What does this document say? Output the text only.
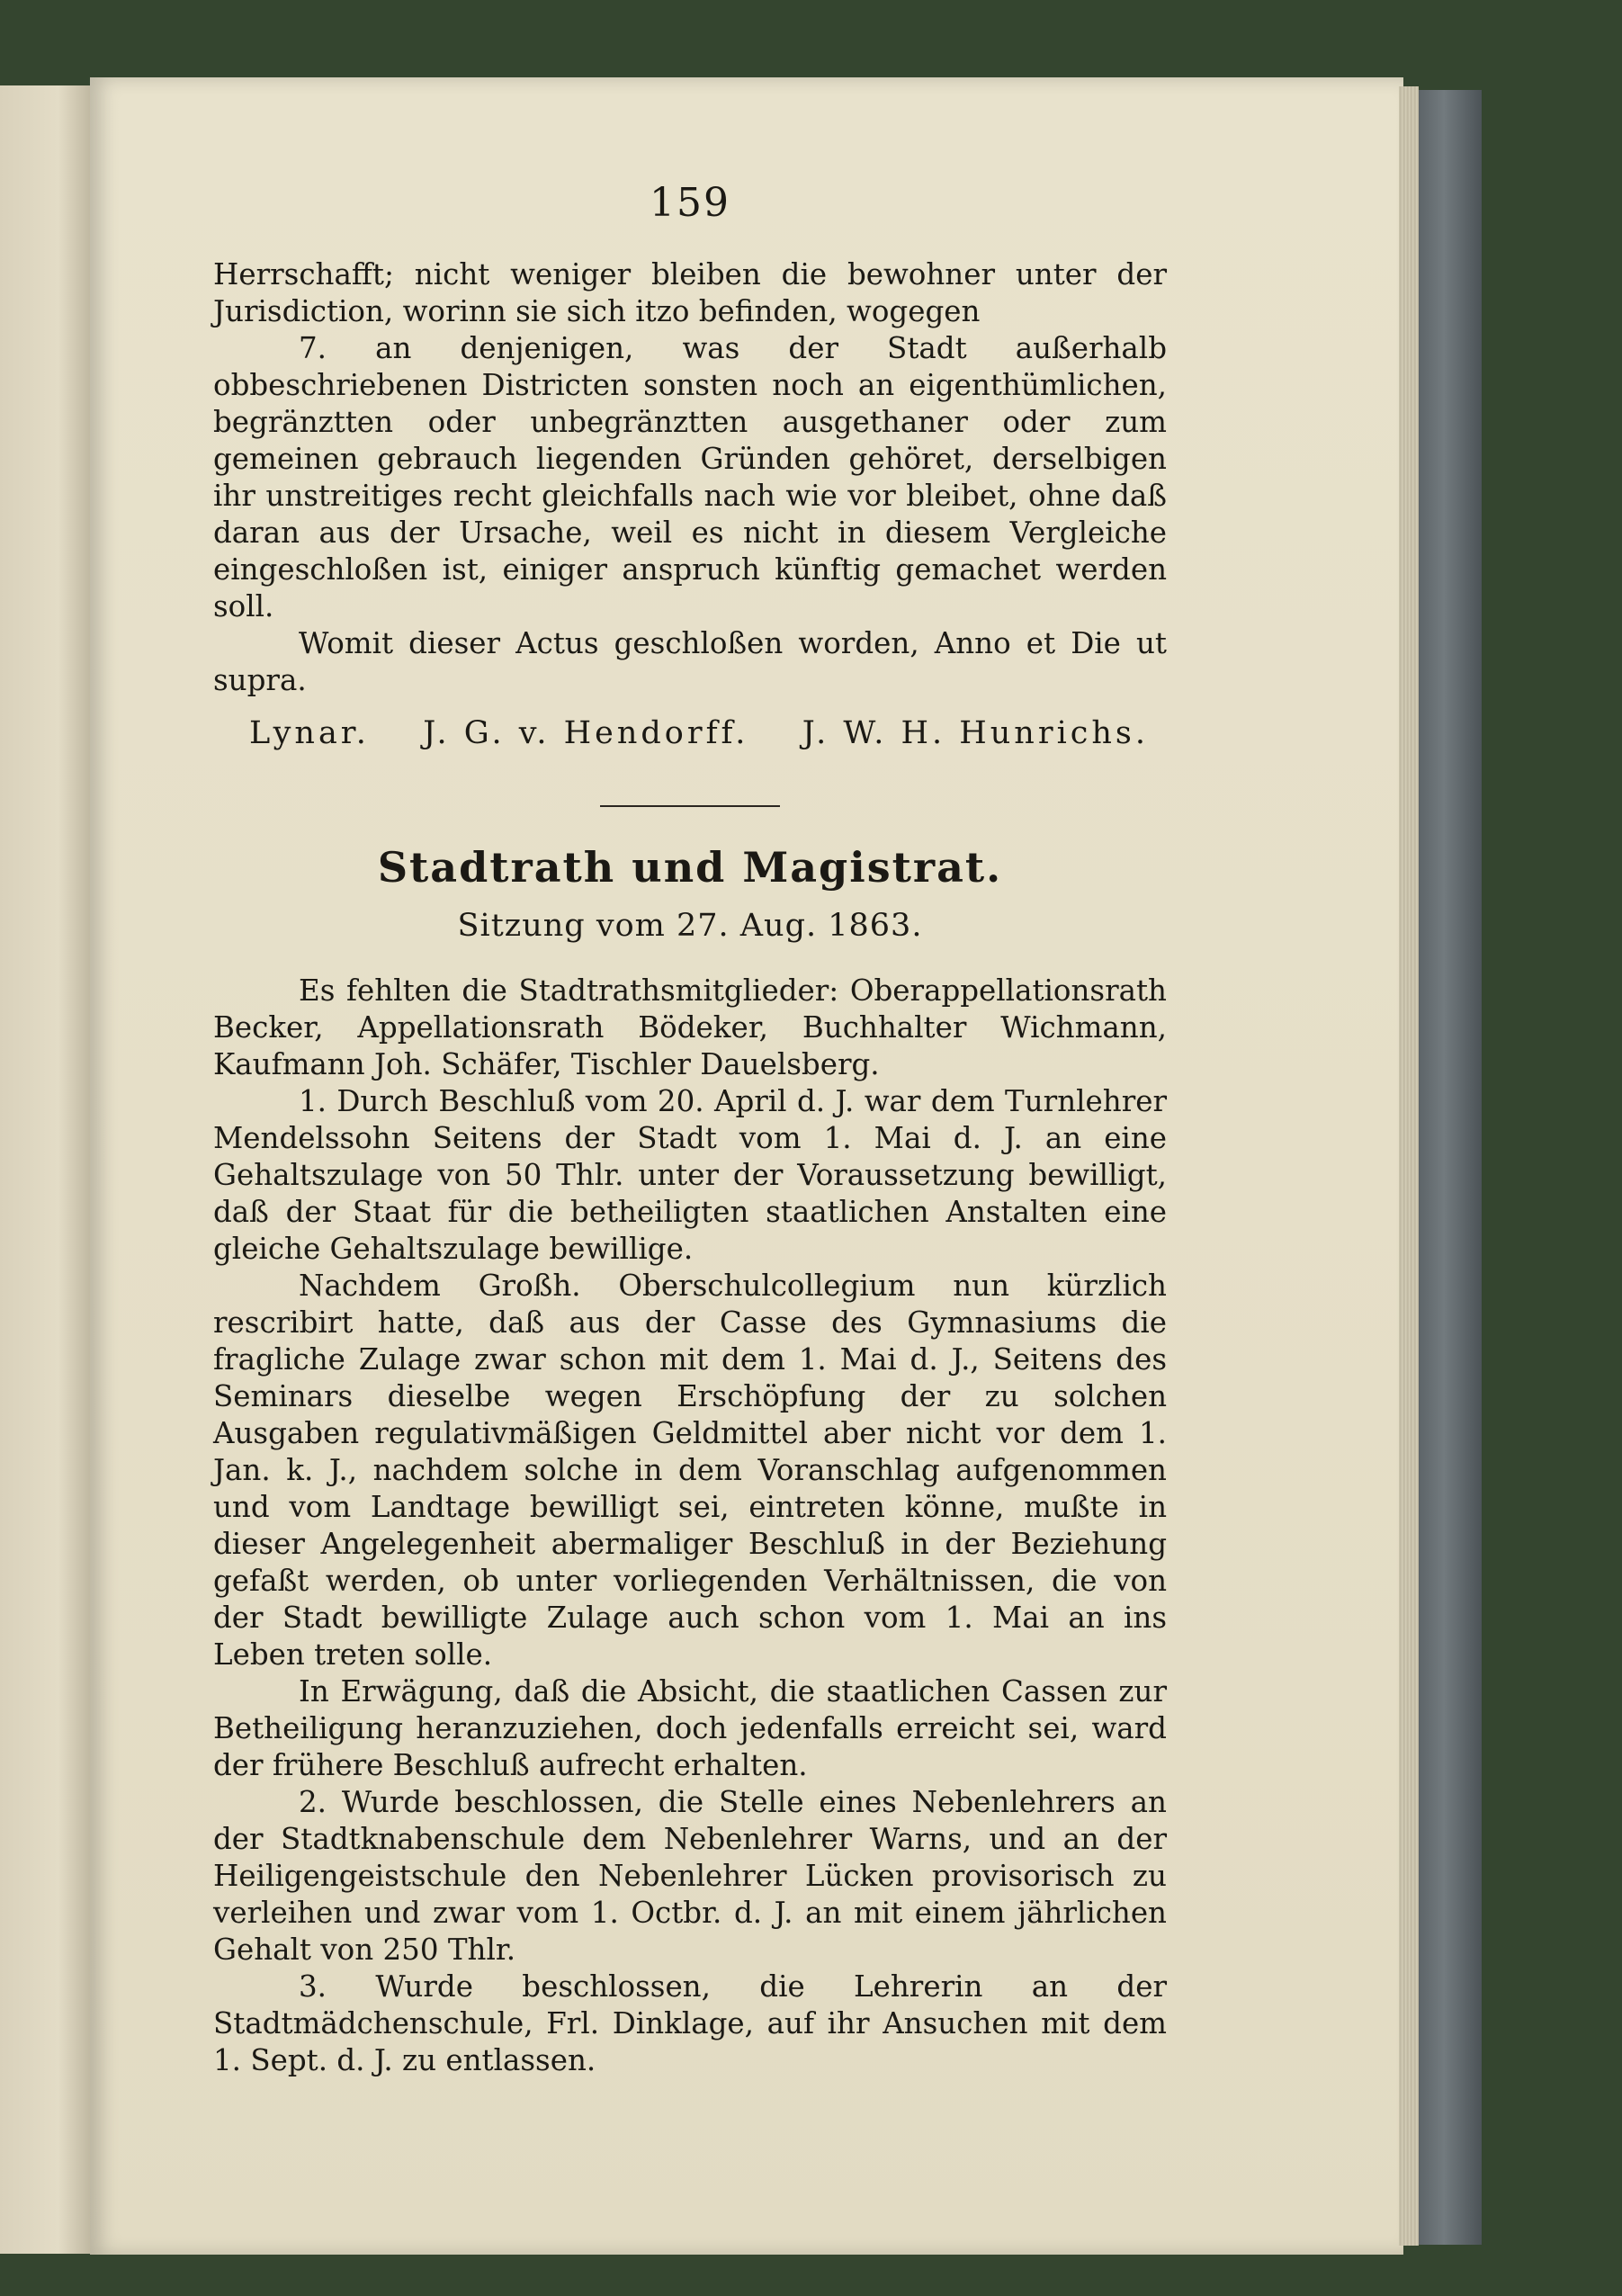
159

Herrschafft; nicht weniger bleiben die bewohner unter der Jurisdiction, worinn sie sich itzo befinden, wogegen

7. an denjenigen, was der Stadt außerhalb obbeschriebenen Districten sonsten noch an eigenthümlichen, begränztten oder unbegränztten ausgethaner oder zum gemeinen gebrauch liegenden Gründen gehöret, derselbigen ihr unstreitiges recht gleichfalls nach wie vor bleibet, ohne daß daran aus der Ursache, weil es nicht in diesem Vergleiche eingeschloßen ist, einiger anspruch künftig gemachet werden soll.

Womit dieser Actus geschloßen worden, Anno et Die ut supra.

Lynar. J. G. v. Hendorff. J. W. H. Hunrichs.
Stadtrath und Magistrat.
Sitzung vom 27. Aug. 1863.

Es fehlten die Stadtrathsmitglieder: Oberappellationsrath Becker, Appellationsrath Bödeker, Buchhalter Wichmann, Kaufmann Joh. Schäfer, Tischler Dauelsberg.

1. Durch Beschluß vom 20. April d. J. war dem Turnlehrer Mendelssohn Seitens der Stadt vom 1. Mai d. J. an eine Gehaltszulage von 50 Thlr. unter der Voraussetzung bewilligt, daß der Staat für die betheiligten staatlichen Anstalten eine gleiche Gehaltszulage bewillige.

Nachdem Großh. Oberschulcollegium nun kürzlich rescribirt hatte, daß aus der Casse des Gymnasiums die fragliche Zulage zwar schon mit dem 1. Mai d. J., Seitens des Seminars dieselbe wegen Erschöpfung der zu solchen Ausgaben regulativmäßigen Geldmittel aber nicht vor dem 1. Jan. k. J., nachdem solche in dem Voranschlag aufgenommen und vom Landtage bewilligt sei, eintreten könne, mußte in dieser Angelegenheit abermaliger Beschluß in der Beziehung gefaßt werden, ob unter vorliegenden Verhältnissen, die von der Stadt bewilligte Zulage auch schon vom 1. Mai an ins Leben treten solle.

In Erwägung, daß die Absicht, die staatlichen Cassen zur Betheiligung heranzuziehen, doch jedenfalls erreicht sei, ward der frühere Beschluß aufrecht erhalten.

2. Wurde beschlossen, die Stelle eines Nebenlehrers an der Stadtknabenschule dem Nebenlehrer Warns, und an der Heiligengeistschule den Nebenlehrer Lücken provisorisch zu verleihen und zwar vom 1. Octbr. d. J. an mit einem jährlichen Gehalt von 250 Thlr.

3. Wurde beschlossen, die Lehrerin an der Stadtmädchenschule, Frl. Dinklage, auf ihr Ansuchen mit dem 1. Sept. d. J. zu entlassen.
